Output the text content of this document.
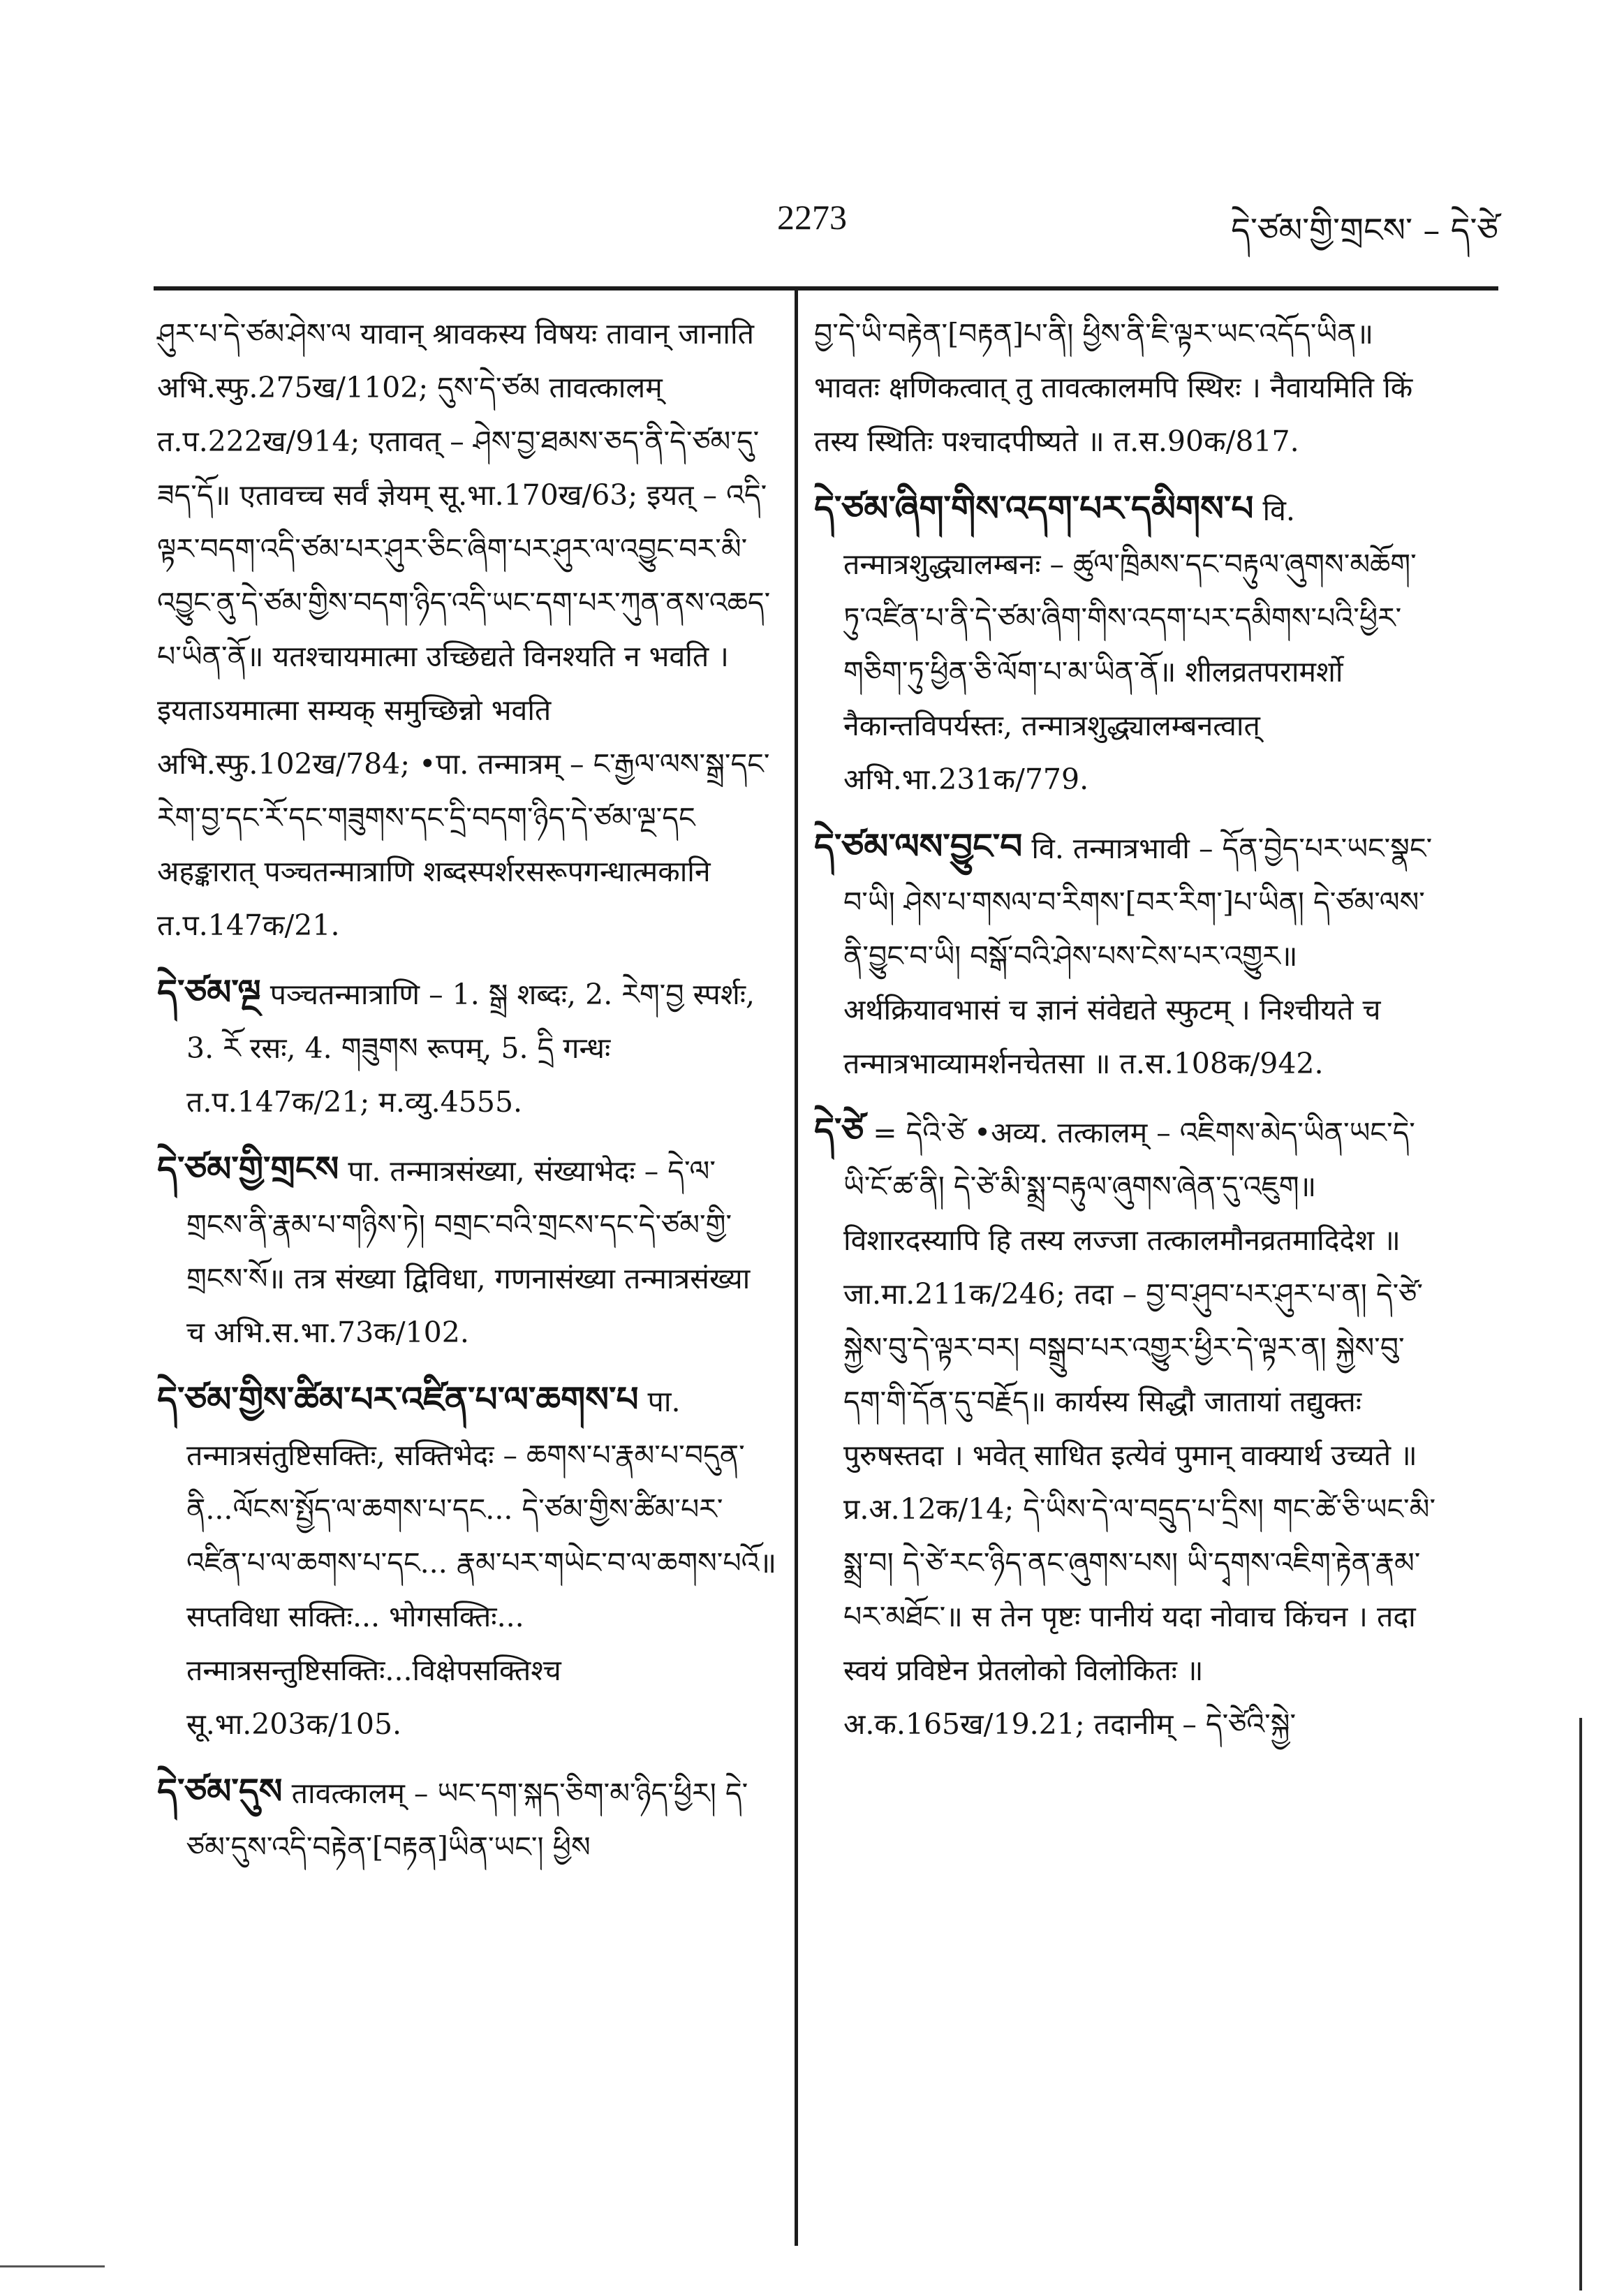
2273	དེ་ཙམ་གྱི་གྲངས་ – དེ་ཙེ

ཤུར་པ་དེ་ཙམ་ཤེས་ལ यावान् श्रावकस्य विषयः तावान् जानाति अभि.स्फु.275ख/1102; དུས་དེ་ཙམ तावत्कालम् त.प.222ख/914; एतावत् – ཤེས་བྱ་ཐམས་ཅད་ནི་དེ་ཙམ་དུ་ཟད་དོ॥ एतावच्च सर्वं ज्ञेयम् सू.भा.170ख/63; इयत् – འདི་ལྟར་བདག་འདི་ཙམ་པར་ཤུར་ཅིང་ཞིག་པར་ཤུར་ལ་འབྱུང་བར་མི་འབྱུང་ནུ་དེ་ཙམ་གྱིས་བདག་ཉིད་འདི་ཡང་དག་པར་ཀུན་ནས་འཆད་པ་ཡིན་ནོ॥ यतश्चायमात्मा उच्छिद्यते विनश्यति न भवति । इयताऽयमात्मा सम्यक् समुच्छिन्नो भवति अभि.स्फु.102ख/784; •पा. तन्मात्रम् – ང་རྒྱལ་ལས་སྒྲ་དང་རེག་བྱ་དང་རོ་དང་གཟུགས་དང་དྲི་བདག་ཉིད་དེ་ཙམ་ལྔ་དང अहङ्कारात् पञ्चतन्मात्राणि शब्दस्पर्शरसरूपगन्धात्मकानि त.प.147क/21.

དེ་ཙམ་ལྔ पञ्चतन्मात्राणि – 1. སྒྲ शब्दः, 2. རེག་བྱ स्पर्शः, 3. རོ रसः, 4. གཟུགས रूपम्, 5. དྲི गन्धः त.प.147क/21; म.व्यु.4555.

དེ་ཙམ་གྱི་གྲངས पा. तन्मात्रसंख्या, संख्याभेदः – དེ་ལ་གྲངས་ནི་རྣམ་པ་གཉིས་ཏེ། བགྲང་བའི་གྲངས་དང་དེ་ཙམ་གྱི་གྲངས་སོ॥ तत्र संख्या द्विविधा, गणनासंख्या तन्मात्रसंख्या च अभि.स.भा.73क/102.

དེ་ཙམ་གྱིས་ཚིམ་པར་འཛིན་པ་ལ་ཆགས་པ पा. तन्मात्रसंतुष्टिसक्तिः, सक्तिभेदः – ཆགས་པ་རྣམ་པ་བདུན་ནི...ལོངས་སྤྱོད་ལ་ཆགས་པ་དང... དེ་ཙམ་གྱིས་ཚིམ་པར་འཛིན་པ་ལ་ཆགས་པ་དང... རྣམ་པར་གཡེང་བ་ལ་ཆགས་པའོ॥ सप्तविधा सक्तिः... भोगसक्तिः... तन्मात्रसन्तुष्टिसक्तिः...विक्षेपसक्तिश्च सू.भा.203क/105.

དེ་ཙམ་དུས तावत्कालम् – ཡང་དག་སྐད་ཅིག་མ་ཉིད་ཕྱིར། དེ་ཙམ་དུས་འདི་བརྟེན་[བརྟན]ཡིན་ཡང་། ཕྱིས

བྱ་དེ་ཡི་བརྟེན་[བརྟན]པ་ནི། ཕྱིས་ནི་ཇི་ལྟར་ཡང་འདོད་ཡིན॥ भावतः क्षणिकत्वात् तु तावत्कालमपि स्थिरः । नैवायमिति किं तस्य स्थितिः पश्चादपीष्यते ॥ त.स.90क/817.

དེ་ཙམ་ཞིག་གིས་འདག་པར་དམིགས་པ वि. तन्मात्रशुद्ध्यालम्बनः – ཚུལ་ཁྲིམས་དང་བརྟུལ་ཞུགས་མཆོག་ཏུ་འཛིན་པ་ནི་དེ་ཙམ་ཞིག་གིས་འདག་པར་དམིགས་པའི་ཕྱིར་གཅིག་ཏུ་ཕྱིན་ཅི་ལོག་པ་མ་ཡིན་ནོ॥ शीलव्रतपरामर्शो नैकान्तविपर्यस्तः, तन्मात्रशुद्ध्यालम्बनत्वात् अभि.भा.231क/779.

དེ་ཙམ་ལས་བྱུང་བ वि. तन्मात्रभावी – དོན་བྱེད་པར་ཡང་སྣང་བ་ཡི། ཤེས་པ་གསལ་བ་རིགས་[བར་རིག་]པ་ཡིན། དེ་ཙམ་ལས་ནི་བྱུང་བ་ཡི། བསྒོ་བའི་ཤེས་པས་ངེས་པར་འགྱུར॥ अर्थक्रियावभासं च ज्ञानं संवेद्यते स्फुटम् । निश्चीयते च तन्मात्रभाव्यामर्शनचेतसा ॥ त.स.108क/942.

དེ་ཙེ = དེའི་ཙེ •अव्य. तत्कालम् – འཇིགས་མེད་ཡིན་ཡང་དེ་ཡི་ངོ་ཚ་ནི། དེ་ཙེ་མི་སྨྲ་བརྟུལ་ཞུགས་ཞེན་དུ་འཇུག॥ विशारदस्यापि हि तस्य लज्जा तत्कालमौनव्रतमादिदेश ॥ जा.मा.211क/246; तदा – བྱ་བ་ཤུབ་པར་ཤུར་པ་ན། དེ་ཙེ་སྐྱེས་བུ་དེ་ལྟར་བར། བསྒྲུབ་པར་འགྱུར་ཕྱིར་དེ་ལྟར་ན། སྐྱེས་བུ་དག་གི་དོན་དུ་བརྗོད॥ कार्यस्य सिद्धौ जातायां तद्युक्तः पुरुषस्तदा । भवेत् साधित इत्येवं पुमान् वाक्यार्थ उच्यते ॥ प्र.अ.12क/14; དེ་ཡིས་དེ་ལ་བདྲུད་པ་དྲིས། གང་ཚེ་ཅི་ཡང་མི་སྨྲ་བ། དེ་ཙེ་རང་ཉིད་ནང་ཞུགས་པས། ཡི་དྭགས་འཇིག་རྟེན་རྣམ་པར་མཐོང་॥ स तेन पृष्टः पानीयं यदा नोवाच किंचन । तदा स्वयं प्रविष्टेन प्रेतलोको विलोकितः ॥ अ.क.165ख/19.21; तदानीम् – དེ་ཙེའི་སྐྱེ་
